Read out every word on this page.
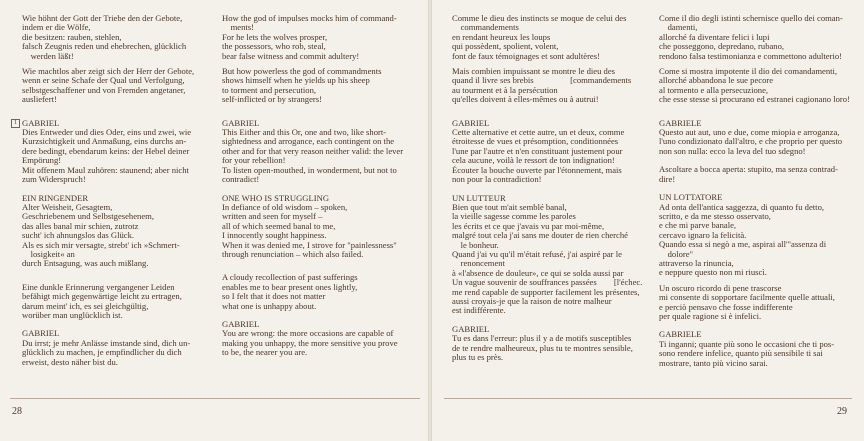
1

Wie höhnt der Gott der Triebe den der Gebote,

indem er die Wölfe,

die besitzen: rauben, stehlen,

falsch Zeugnis reden und ehebrechen, glücklich

werden läßt!

Wie machtlos aber zeigt sich der Herr der Gebote,

wenn er seine Schafe der Qual und Verfolgung,

selbstgeschaffener und von Fremden angetaner,

ausliefert!

GABRIEL

Dies Entweder und dies Oder, eins und zwei, wie

Kurzsichtigkeit und Anmaßung, eins durchs an-

dere bedingt, ebendarum keins: der Hebel deiner

Empörung!

Mit offenem Maul zuhören: staunend; aber nicht

zum Widerspruch!

EIN RINGENDER

Alter Weisheit, Gesagtem,

Geschriebenem und Selbstgesehenem,

das alles banal mir schien, zutrotz

sucht' ich ahnungslos das Glück.

Als es sich mir versagte, strebt' ich »Schmert-

losigkeit« an

durch Entsagung, was auch mißlang.

Eine dunkle Erinnerung vergangener Leiden

befähigt mich gegenwärtige leicht zu ertragen,

darum meint' ich, es sei gleichgültig,

worüber man unglücklich ist.

GABRIEL

Du irrst; je mehr Anlässe imstande sind, dich un-

glücklich zu machen, je empfindlicher du dich

erweist, desto näher bist du.

How the god of impulses mocks him of command-

ments!

For he lets the wolves prosper,

the possessors, who rob, steal,

bear false witness and commit adultery!

But how powerless the god of commandments

shows himself when he yields up his sheep

to torment and persecution,

self-inflicted or by strangers!

GABRIEL

This Either and this Or, one and two, like short-

sightedness and arrogance, each contingent on the

other and for that very reason neither valid: the lever

for your rebellion!

To listen open-mouthed, in wonderment, but not to

contradict!

ONE WHO IS STRUGGLING

In defiance of old wisdom – spoken,

written and seen for myself –

all of which seemed banal to me,

I innocently sought happiness.

When it was denied me, I strove for "painlessness"

through renunciation – which also failed.

A cloudy recollection of past sufferings

enables me to bear present ones lightly,

so I felt that it does not matter

what one is unhappy about.

GABRIEL

You are wrong: the more occasions are capable of

making you unhappy, the more sensitive you prove

to be, the nearer you are.

28

Comme le dieu des instincts se moque de celui des

commandements

en rendant heureux les loups

qui possèdent, spolient, volent,

font de faux témoignages et sont adultères!

Mais combien impuissant se montre le dieu des

quand il livre ses brebis                 [commandements

au tourment et à la persécution

qu'elles doivent à elles-mêmes ou à autrui!

GABRIEL

Cette alternative et cette autre, un et deux, comme

étroitesse de vues et présomption, conditionnées

l'une par l'autre et n'en constituant justement pour

cela aucune, voilà le ressort de ton indignation!

Écouter la bouche ouverte par l'étonnement, mais

non pour la contradiction!

UN LUTTEUR

Bien que tout m'ait semblé banal,

la vieille sagesse comme les paroles

les écrits et ce que j'avais vu par moi-même,

malgré tout cela j'ai sans me douter de rien cherché

le bonheur.

Quand j'ai vu qu'il m'était refusé, j'ai aspiré par le

renoncement

à «l'absence de douleur», ce qui se solda aussi par

Un vague souvenir de souffrances passées        [l'échec.

me rend capable de supporter facilement les présentes,

aussi croyais-je que la raison de notre malheur

est indifférente.

GABRIEL

Tu es dans l'erreur: plus il y a de motifs susceptibles

de te rendre malheureux, plus tu te montres sensible,

plus tu es près.

Come il dio degli istinti schernisce quello dei coman-

damenti,

allorché fa diventare felici i lupi

che posseggono, depredano, rubano,

rendono falsa testimonianza e commettono adulterio!

Come si mostra impotente il dio dei comandamenti,

allorché abbandona le sue pecore

al tormento e alla persecuzione,

che esse stesse si procurano ed estranei cagionano loro!

GABRIELE

Questo aut aut, uno e due, come miopia e arroganza,

l'uno condizionato dall'altro, e che proprio per questo

non son nulla: ecco la leva del tuo sdegno!

Ascoltare a bocca aperta: stupito, ma senza contrad-

dire!

UN LOTTATORE

Ad onta dell'antica saggezza, di quanto fu detto,

scritto, e da me stesso osservato,

e che mi parve banale,

cercavo ignaro la felicità.

Quando essa si negò a me, aspirai all'"assenza di

dolore"

attraverso la rinuncia,

e neppure questo non mi riuscì.

Un oscuro ricordo di pene trascorse

mi consente di sopportare facilmente quelle attuali,

e perciò pensavo che fosse indifferente

per quale ragione si è infelici.

GABRIELE

Ti inganni; quante più sono le occasioni che ti pos-

sono rendere infelice, quanto più sensibile ti sai

mostrare, tanto più vicino sarai.

29
